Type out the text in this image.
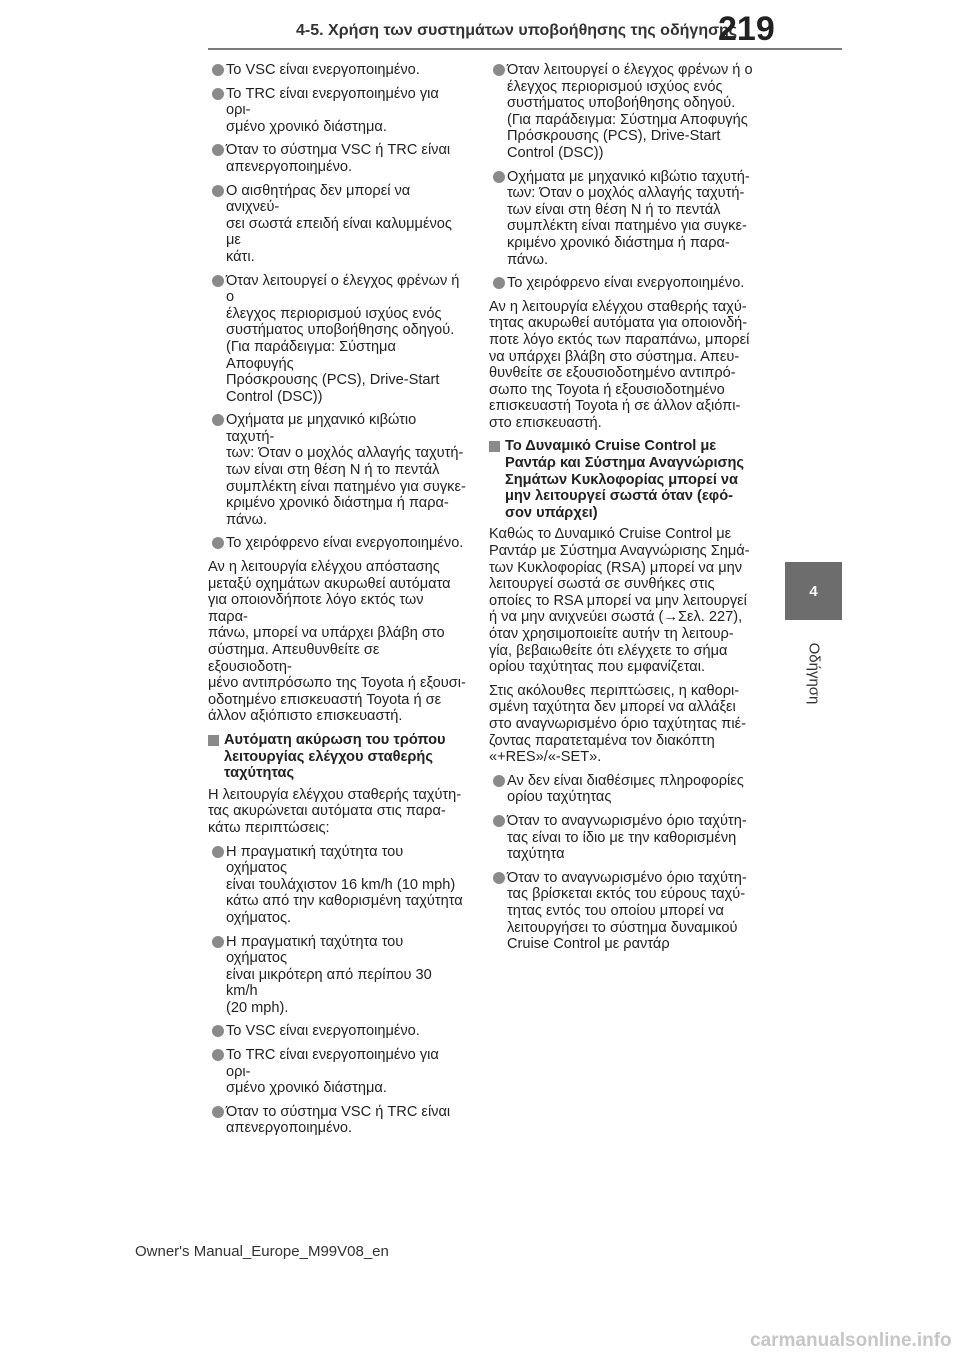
4-5. Χρήση των συστημάτων υποβοήθησης της οδήγησης
219
4
Οδήγηση
Το VSC είναι ενεργοποιημένο.
Το TRC είναι ενεργοποιημένο για ορι-
σμένο χρονικό διάστημα.
Όταν το σύστημα VSC ή TRC είναι
απενεργοποιημένο.
Ο αισθητήρας δεν μπορεί να ανιχνεύ-
σει σωστά επειδή είναι καλυμμένος με
κάτι.
Όταν λειτουργεί ο έλεγχος φρένων ή ο
έλεγχος περιορισμού ισχύος ενός
συστήματος υποβοήθησης οδηγού.
(Για παράδειγμα: Σύστημα Αποφυγής
Πρόσκρουσης (PCS), Drive-Start
Control (DSC))
Οχήματα με μηχανικό κιβώτιο ταχυτή-
των: Όταν ο μοχλός αλλαγής ταχυτή-
των είναι στη θέση N ή το πεντάλ
συμπλέκτη είναι πατημένο για συγκε-
κριμένο χρονικό διάστημα ή παρα-
πάνω.
Το χειρόφρενο είναι ενεργοποιημένο.

Αν η λειτουργία ελέγχου απόστασης
μεταξύ οχημάτων ακυρωθεί αυτόματα
για οποιονδήποτε λόγο εκτός των παρα-
πάνω, μπορεί να υπάρχει βλάβη στο
σύστημα. Απευθυνθείτε σε εξουσιοδοτη-
μένο αντιπρόσωπο της Toyota ή εξουσι-
οδοτημένο επισκευαστή Toyota ή σε
άλλον αξιόπιστο επισκευαστή.

Αυτόματη ακύρωση του τρόπου
λειτουργίας ελέγχου σταθερής
ταχύτητας

Η λειτουργία ελέγχου σταθερής ταχύτη-
τας ακυρώνεται αυτόματα στις παρα-
κάτω περιπτώσεις:

Η πραγματική ταχύτητα του οχήματος
είναι τουλάχιστον 16 km/h (10 mph)
κάτω από την καθορισμένη ταχύτητα
οχήματος.
Η πραγματική ταχύτητα του οχήματος
είναι μικρότερη από περίπου 30 km/h
(20 mph).
Το VSC είναι ενεργοποιημένο.
Το TRC είναι ενεργοποιημένο για ορι-
σμένο χρονικό διάστημα.
Όταν το σύστημα VSC ή TRC είναι
απενεργοποιημένο.
Όταν λειτουργεί ο έλεγχος φρένων ή ο
έλεγχος περιορισμού ισχύος ενός
συστήματος υποβοήθησης οδηγού.
(Για παράδειγμα: Σύστημα Αποφυγής
Πρόσκρουσης (PCS), Drive-Start
Control (DSC))
Οχήματα με μηχανικό κιβώτιο ταχυτή-
των: Όταν ο μοχλός αλλαγής ταχυτή-
των είναι στη θέση N ή το πεντάλ
συμπλέκτη είναι πατημένο για συγκε-
κριμένο χρονικό διάστημα ή παρα-
πάνω.
Το χειρόφρενο είναι ενεργοποιημένο.

Αν η λειτουργία ελέγχου σταθερής ταχύ-
τητας ακυρωθεί αυτόματα για οποιονδή-
ποτε λόγο εκτός των παραπάνω, μπορεί
να υπάρχει βλάβη στο σύστημα. Απευ-
θυνθείτε σε εξουσιοδοτημένο αντιπρό-
σωπο της Toyota ή εξουσιοδοτημένο
επισκευαστή Toyota ή σε άλλον αξιόπι-
στο επισκευαστή.

Το Δυναμικό Cruise Control με
Ραντάρ και Σύστημα Αναγνώρισης
Σημάτων Κυκλοφορίας μπορεί να
μην λειτουργεί σωστά όταν (εφό-
σον υπάρχει)

Καθώς το Δυναμικό Cruise Control με
Ραντάρ με Σύστημα Αναγνώρισης Σημά-
των Κυκλοφορίας (RSA) μπορεί να μην
λειτουργεί σωστά σε συνθήκες στις
οποίες το RSA μπορεί να μην λειτουργεί
ή να μην ανιχνεύει σωστά (→Σελ. 227),
όταν χρησιμοποιείτε αυτήν τη λειτουρ-
γία, βεβαιωθείτε ότι ελέγχετε το σήμα
ορίου ταχύτητας που εμφανίζεται.

Στις ακόλουθες περιπτώσεις, η καθορι-
σμένη ταχύτητα δεν μπορεί να αλλάξει
στο αναγνωρισμένο όριο ταχύτητας πιέ-
ζοντας παρατεταμένα τον διακόπτη
«+RES»/«-SET».

Αν δεν είναι διαθέσιμες πληροφορίες
ορίου ταχύτητας
Όταν το αναγνωρισμένο όριο ταχύτη-
τας είναι το ίδιο με την καθορισμένη
ταχύτητα
Όταν το αναγνωρισμένο όριο ταχύτη-
τας βρίσκεται εκτός του εύρους ταχύ-
τητας εντός του οποίου μπορεί να
λειτουργήσει το σύστημα δυναμικού
Cruise Control με ραντάρ
Owner's Manual_Europe_M99V08_en
carmanualsonline.info
